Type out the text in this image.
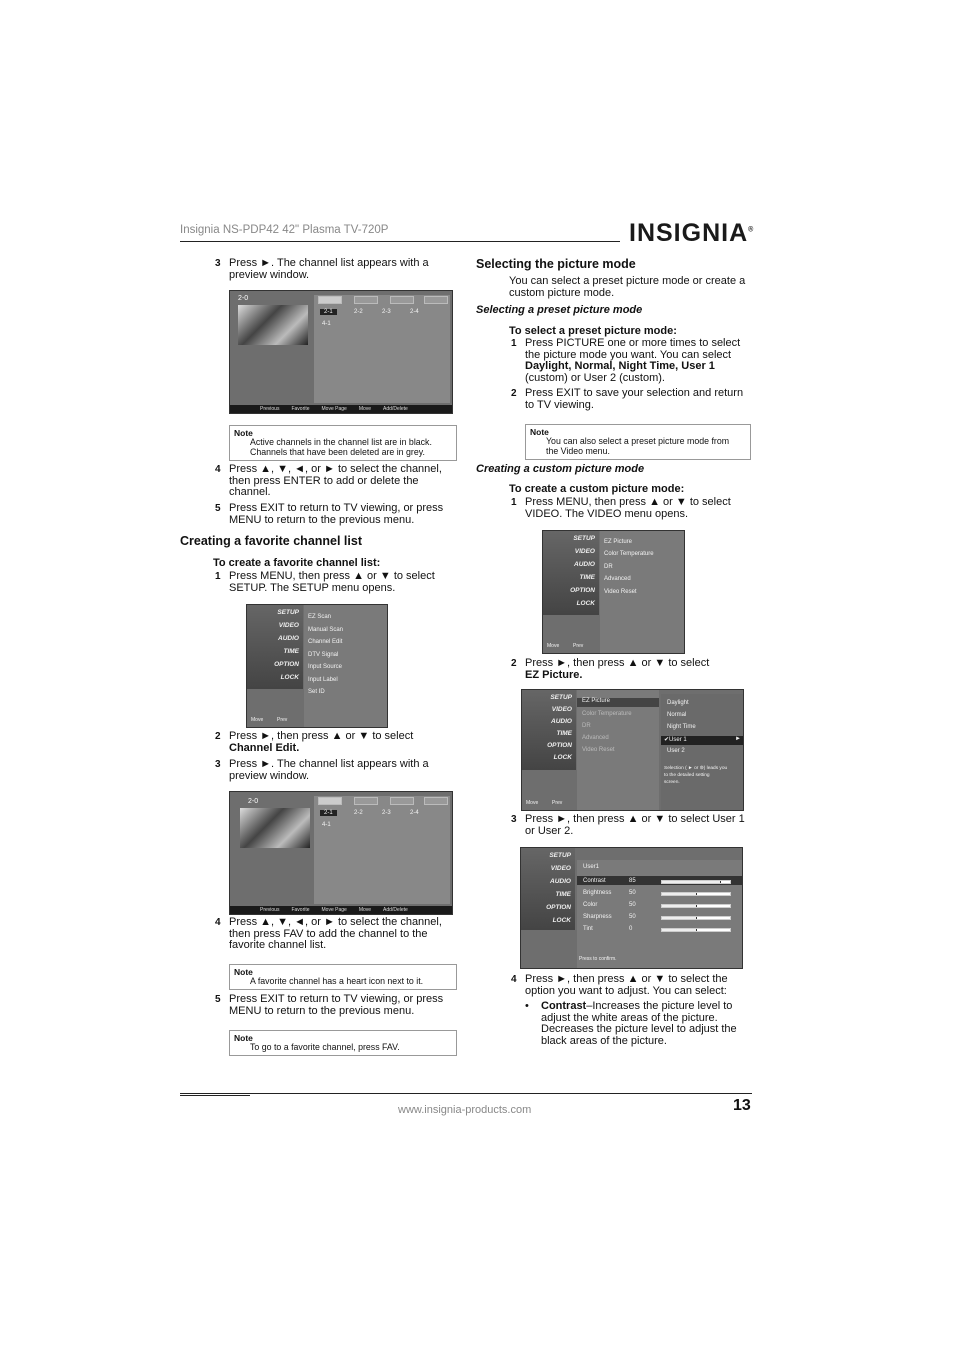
Insignia NS-PDP42 42" Plasma TV-720P	INSIGNIA®
3 Press ►. The channel list appears with a
preview window.
2-0
2-1	2-2	2-3	2-4
4-1
Previous Favorite Move Page Move Add/Delete
Note
Active channels in the channel list are in black.
Channels that have been deleted are in grey.
4 Press ▲, ▼, ◄, or ► to select the channel,
then press ENTER to add or delete the
channel.
5 Press EXIT to return to TV viewing, or press
MENU to return to the previous menu.
Creating a favorite channel list
To create a favorite channel list:
1 Press MENU, then press ▲ or ▼ to select
SETUP. The SETUP menu opens.
SETUP
VIDEO
AUDIO
TIME
OPTION
LOCK
EZ Scan
Manual Scan
Channel Edit
DTV Signal
Input Source
Input Label
Set ID
Move	Prev
2 Press ►, then press ▲ or ▼ to select
Channel Edit.
3 Press ►. The channel list appears with a
preview window.
2-0
2-1	2-2	2-3	2-4
4-1
Previous Favorite Move Page Move Add/Delete
4 Press ▲, ▼, ◄, or ► to select the channel,
then press FAV to add the channel to the
favorite channel list.
Note
A favorite channel has a heart icon next to it.
5 Press EXIT to return to TV viewing, or press
MENU to return to the previous menu.
Note
To go to a favorite channel, press FAV.
Selecting the picture mode
You can select a preset picture mode or create a
custom picture mode.
Selecting a preset picture mode
To select a preset picture mode:
1 Press PICTURE one or more times to select
the picture mode you want. You can select
Daylight, Normal, Night Time, User 1
(custom) or User 2 (custom).
2 Press EXIT to save your selection and return
to TV viewing.
Note
You can also select a preset picture mode from
the Video menu.
Creating a custom picture mode
To create a custom picture mode:
1 Press MENU, then press ▲ or ▼ to select
VIDEO. The VIDEO menu opens.
SETUP
VIDEO
AUDIO
TIME
OPTION
LOCK
EZ Picture
Color Temperature
DR
Advanced
Video Reset
Move	Prev
2 Press ►, then press ▲ or ▼ to select
EZ Picture.
SETUP
VIDEO
AUDIO
TIME
OPTION
LOCK
EZ Picture
Color Temperature
DR
Advanced
Video Reset
Daylight
Normal
Night Time
✔User 1	►
User 2
Selection ( ► or ⊚) leads you
to the detailed setting
screen.
Move	Prev
3 Press ►, then press ▲ or ▼ to select User 1
or User 2.
SETUP
VIDEO
AUDIO
TIME
OPTION
LOCK
User1
Contrast	85
Brightness	50
Color	50
Sharpness	50
Tint	0
Press to confirm.
4 Press ►, then press ▲ or ▼ to select the
option you want to adjust. You can select:
• Contrast–Increases the picture level to
adjust the white areas of the picture.
Decreases the picture level to adjust the
black areas of the picture.
www.insignia-products.com	13
